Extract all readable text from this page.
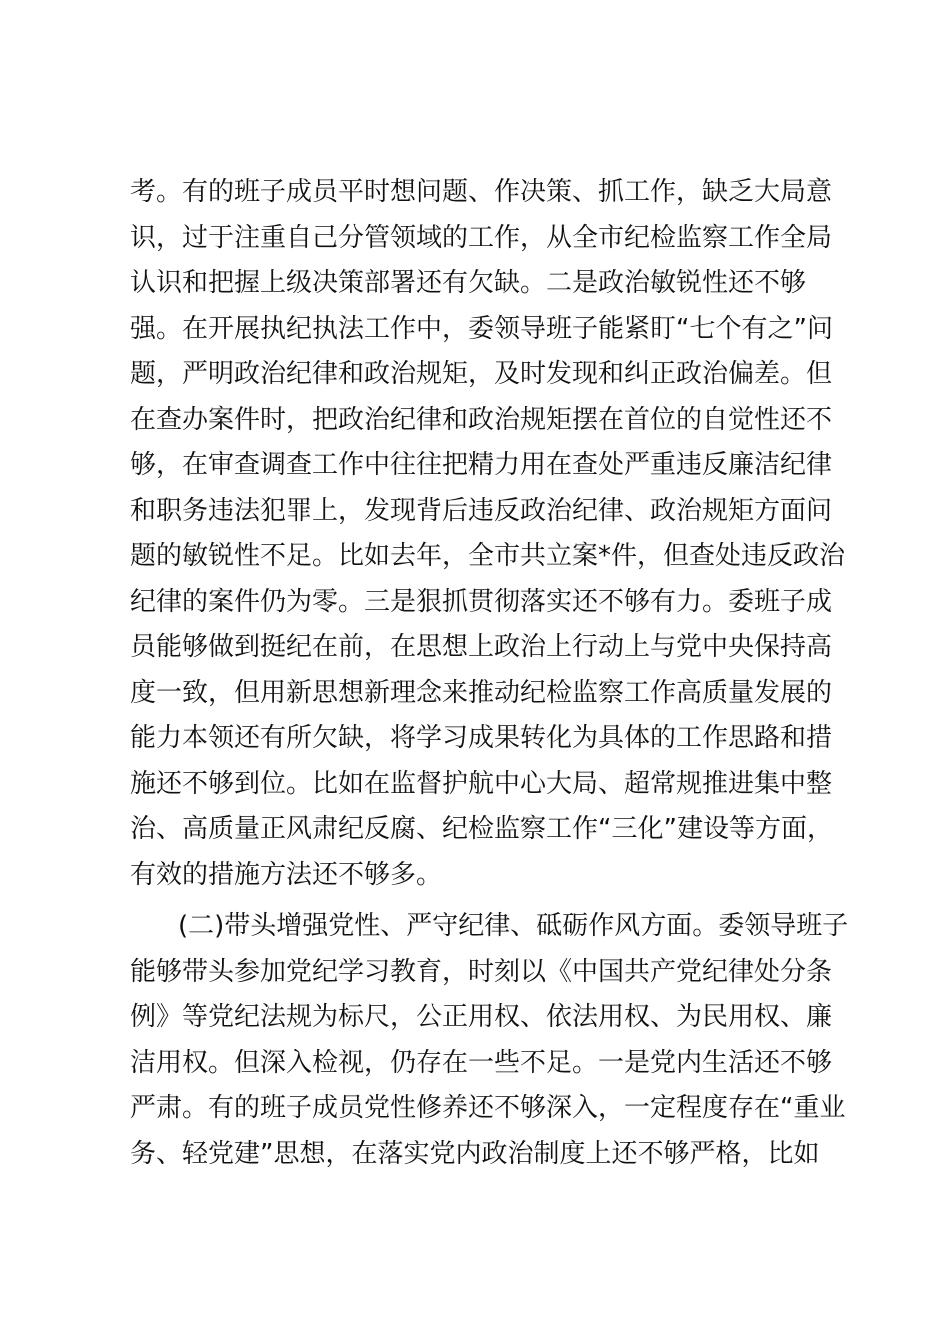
考。有的班子成员平时想问题、作决策、抓工作，缺乏大局意
识，过于注重自己分管领域的工作，从全市纪检监察工作全局
认识和把握上级决策部署还有欠缺。二是政治敏锐性还不够
强。在开展执纪执法工作中，委领导班子能紧盯“七个有之”问
题，严明政治纪律和政治规矩，及时发现和纠正政治偏差。但
在查办案件时，把政治纪律和政治规矩摆在首位的自觉性还不
够，在审查调查工作中往往把精力用在查处严重违反廉洁纪律
和职务违法犯罪上，发现背后违反政治纪律、政治规矩方面问
题的敏锐性不足。比如去年，全市共立案*件，但查处违反政治
纪律的案件仍为零。三是狠抓贯彻落实还不够有力。委班子成
员能够做到挺纪在前，在思想上政治上行动上与党中央保持高
度一致，但用新思想新理念来推动纪检监察工作高质量发展的
能力本领还有所欠缺，将学习成果转化为具体的工作思路和措
施还不够到位。比如在监督护航中心大局、超常规推进集中整
治、高质量正风肃纪反腐、纪检监察工作“三化”建设等方面，
有效的措施方法还不够多。
(二)带头增强党性、严守纪律、砥砺作风方面。委领导班子
能够带头参加党纪学习教育，时刻以《中国共产党纪律处分条
例》等党纪法规为标尺，公正用权、依法用权、为民用权、廉
洁用权。但深入检视，仍存在一些不足。一是党内生活还不够
严肃。有的班子成员党性修养还不够深入，一定程度存在“重业
务、轻党建”思想，在落实党内政治制度上还不够严格，比如
